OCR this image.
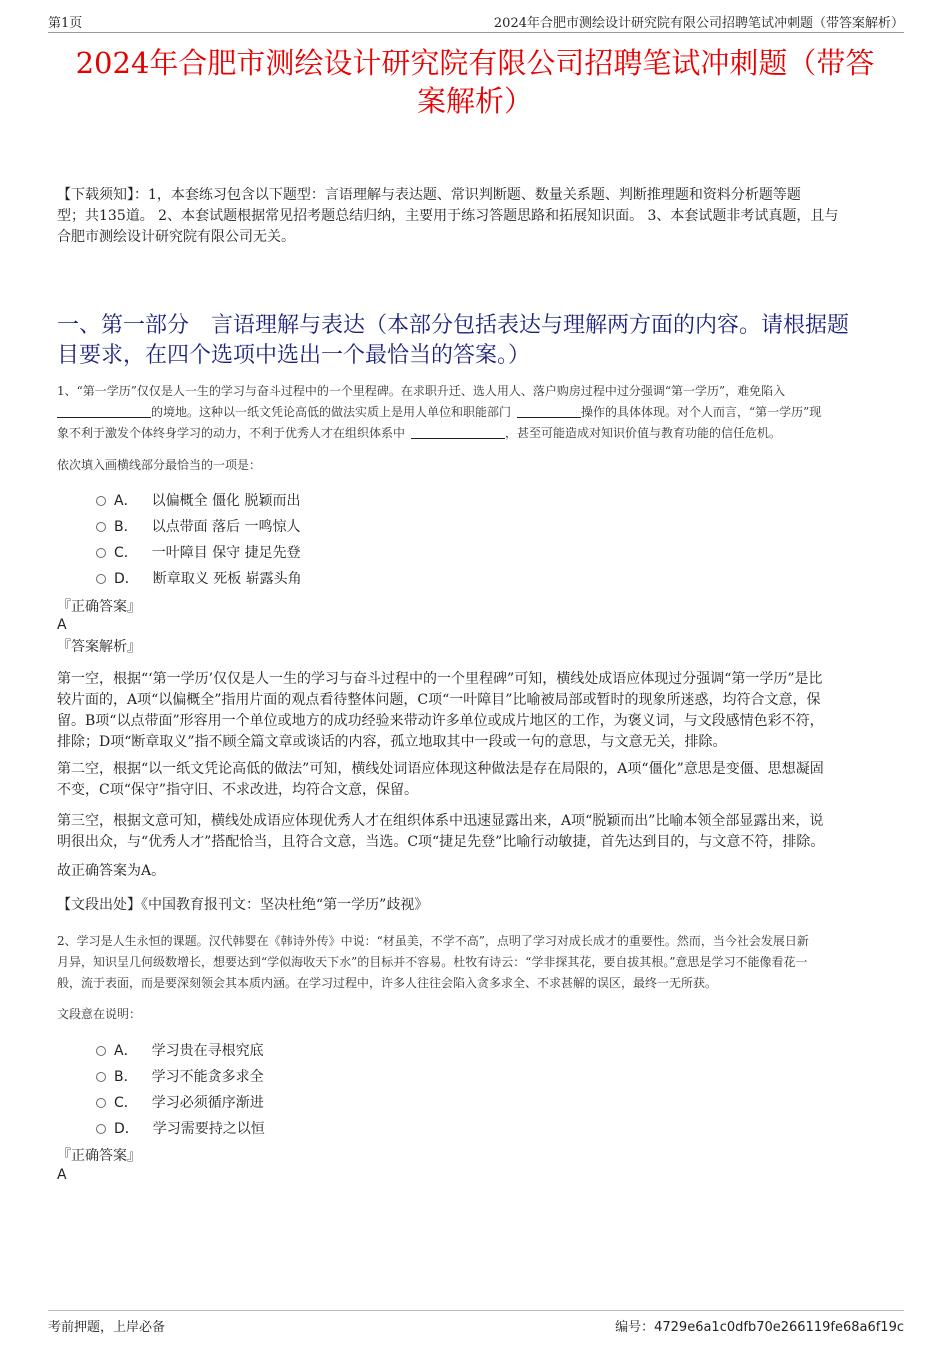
第1页	2024年合肥市测绘设计研究院有限公司招聘笔试冲刺题（带答案解析）
2024年合肥市测绘设计研究院有限公司招聘笔试冲刺题（带答
案解析）
【下载须知】：1，本套练习包含以下题型：言语理解与表达题、常识判断题、数量关系题、判断推理题和资料分析题等题
型；共135道。 2、本套试题根据常见招考题总结归纳，主要用于练习答题思路和拓展知识面。 3、本套试题非考试真题，且与
合肥市测绘设计研究院有限公司无关。
一、第一部分　言语理解与表达（本部分包括表达与理解两方面的内容。请根据题
目要求，在四个选项中选出一个最恰当的答案。）
1、“第一学历”仅仅是人一生的学习与奋斗过程中的一个里程碑。在求职升迁、选人用人、落户购房过程中过分强调“第一学历”，难免陷入
的境地。这种以一纸文凭论高低的做法实质上是用人单位和职能部门	操作的具体体现。对个人而言，“第一学历”现
象不利于激发个体终身学习的动力，不利于优秀人才在组织体系中	，甚至可能造成对知识价值与教育功能的信任危机。
依次填入画横线部分最恰当的一项是：
A． 以偏概全 僵化 脱颖而出
B． 以点带面 落后 一鸣惊人
C． 一叶障目 保守 捷足先登
D． 断章取义 死板 崭露头角
『正确答案』
A
『答案解析』
第一空，根据“‘第一学历’仅仅是人一生的学习与奋斗过程中的一个里程碑”可知，横线处成语应体现过分强调“第一学历”是比
较片面的，A项“以偏概全”指用片面的观点看待整体问题，C项“一叶障目”比喻被局部或暂时的现象所迷惑，均符合文意，保
留。B项“以点带面”形容用一个单位或地方的成功经验来带动许多单位或成片地区的工作，为褒义词，与文段感情色彩不符，
排除；D项“断章取义”指不顾全篇文章或谈话的内容，孤立地取其中一段或一句的意思，与文意无关，排除。
第二空，根据“以一纸文凭论高低的做法”可知，横线处词语应体现这种做法是存在局限的，A项“僵化”意思是变僵、思想凝固
不变，C项“保守”指守旧、不求改进，均符合文意，保留。
第三空，根据文意可知，横线处成语应体现优秀人才在组织体系中迅速显露出来，A项“脱颖而出”比喻本领全部显露出来，说
明很出众，与“优秀人才”搭配恰当，且符合文意，当选。C项“捷足先登”比喻行动敏捷，首先达到目的，与文意不符，排除。
故正确答案为A。
【文段出处】《中国教育报刊文：坚决杜绝“第一学历”歧视》
2、学习是人生永恒的课题。汉代韩婴在《韩诗外传》中说：“材虽美，不学不高”，点明了学习对成长成才的重要性。然而，当今社会发展日新
月异，知识呈几何级数增长，想要达到“学似海收天下水”的目标并不容易。杜牧有诗云：“学非探其花，要自拔其根。”意思是学习不能像看花一
般，流于表面，而是要深刻领会其本质内涵。在学习过程中，许多人往往会陷入贪多求全、不求甚解的误区，最终一无所获。
文段意在说明：
A． 学习贵在寻根究底
B． 学习不能贪多求全
C． 学习必须循序渐进
D． 学习需要持之以恒
『正确答案』
A
考前押题，上岸必备	编号：4729e6a1c0dfb70e266119fe68a6f19c
